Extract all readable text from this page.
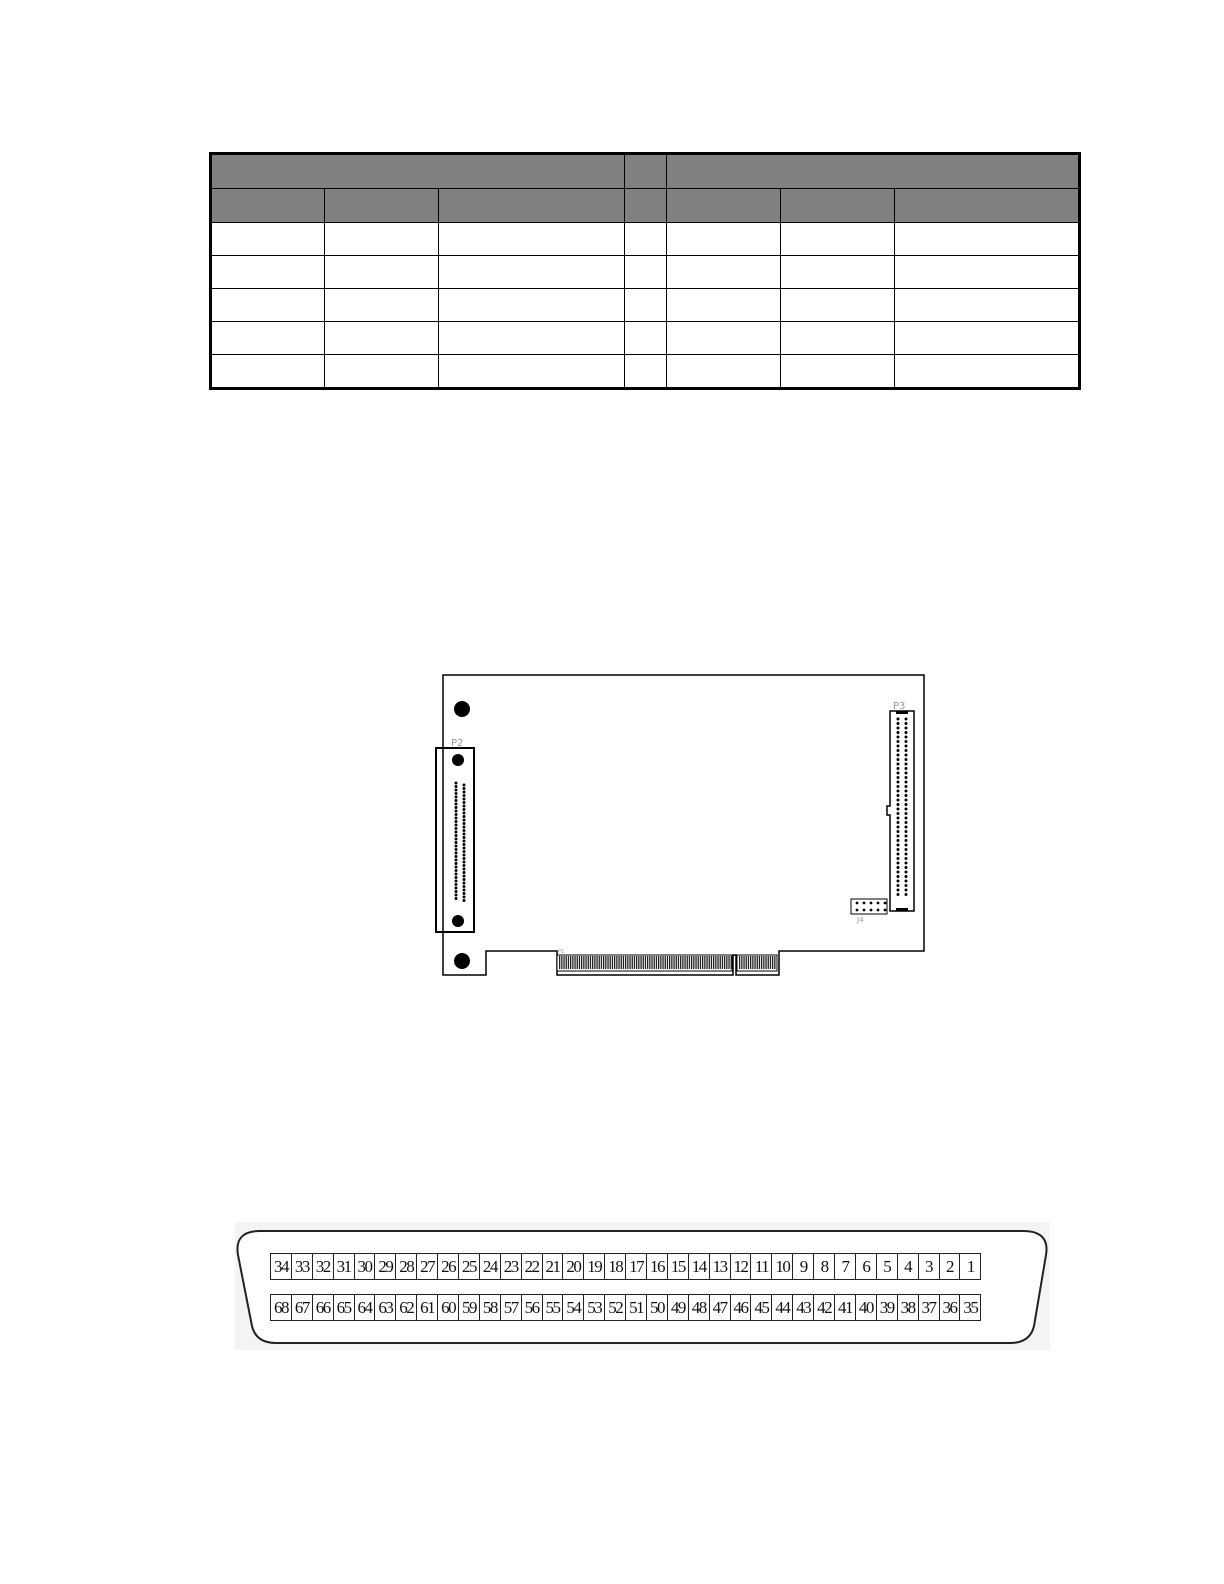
P2
P3
J4
P1
34 33 32 31 30 29 28 27 26 25 24 23 22 21 20 19 18 17 16 15 14 13 12 11 10 9 8 7 6 5 4 3 2 1
68 67 66 65 64 63 62 61 60 59 58 57 56 55 54 53 52 51 50 49 48 47 46 45 44 43 42 41 40 39 38 37 36 35
